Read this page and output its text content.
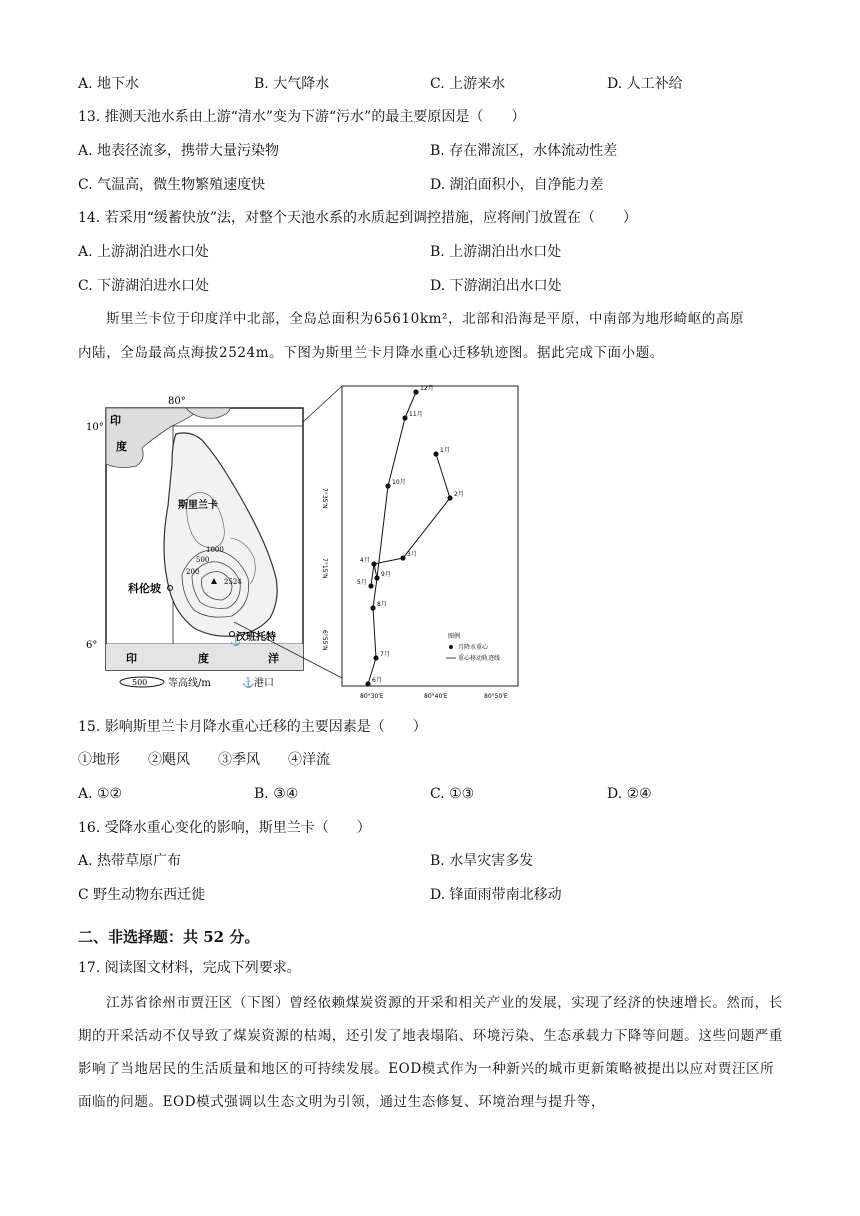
A. 地下水	B. 大气降水	C. 上游来水	D. 人工补给
13. 推测天池水系由上游“清水”变为下游“污水”的最主要原因是（　　）
A. 地表径流多，携带大量污染物	B. 存在滞流区，水体流动性差
C. 气温高，微生物繁殖速度快	D. 湖泊面积小，自净能力差
14. 若采用“缓蓄快放”法，对整个天池水系的水质起到调控措施，应将闸门放置在（　　）
A. 上游湖泊进水口处	B. 上游湖泊出水口处
C. 下游湖泊进水口处	D. 下游湖泊出水口处
斯里兰卡位于印度洋中北部，全岛总面积为65610km²，北部和沿海是平原，中南部为地形崎岖的高原
内陆，全岛最高点海拔2524m。下图为斯里兰卡月降水重心迁移轨迹图。据此完成下面小题。
⚓
80°
10°
6°
印
度
斯里兰卡
科伦坡
汉班托特
2524
200
500
1000
印	度	洋
500 等高线/m	⚓ 港口
7°35'N
7°15'N
6°55'N
80°30'E	80°40'E	80°50'E
1月
2月
3月
4月
5月
6月
7月
8月
9月
10月
11月
12月
图例
月降水重心
重心移动轨迹线
15. 影响斯里兰卡月降水重心迁移的主要因素是（　　）
①地形　　②飓风　　③季风　　④洋流
A. ①②	B. ③④	C. ①③	D. ②④
16. 受降水重心变化的影响，斯里兰卡（　　）
A. 热带草原广布	B. 水旱灾害多发
C 野生动物东西迁徙	D. 锋面雨带南北移动
二、非选择题：共 52 分。
17. 阅读图文材料，完成下列要求。

江苏省徐州市贾汪区（下图）曾经依赖煤炭资源的开采和相关产业的发展，实现了经济的快速增长。然而，长期的开采活动不仅导致了煤炭资源的枯竭，还引发了地表塌陷、环境污染、生态承载力下降等问题。这些问题严重影响了当地居民的生活质量和地区的可持续发展。EOD模式作为一种新兴的城市更新策略被提出以应对贾汪区所面临的问题。EOD模式强调以生态文明为引领，通过生态修复、环境治理与提升等，
